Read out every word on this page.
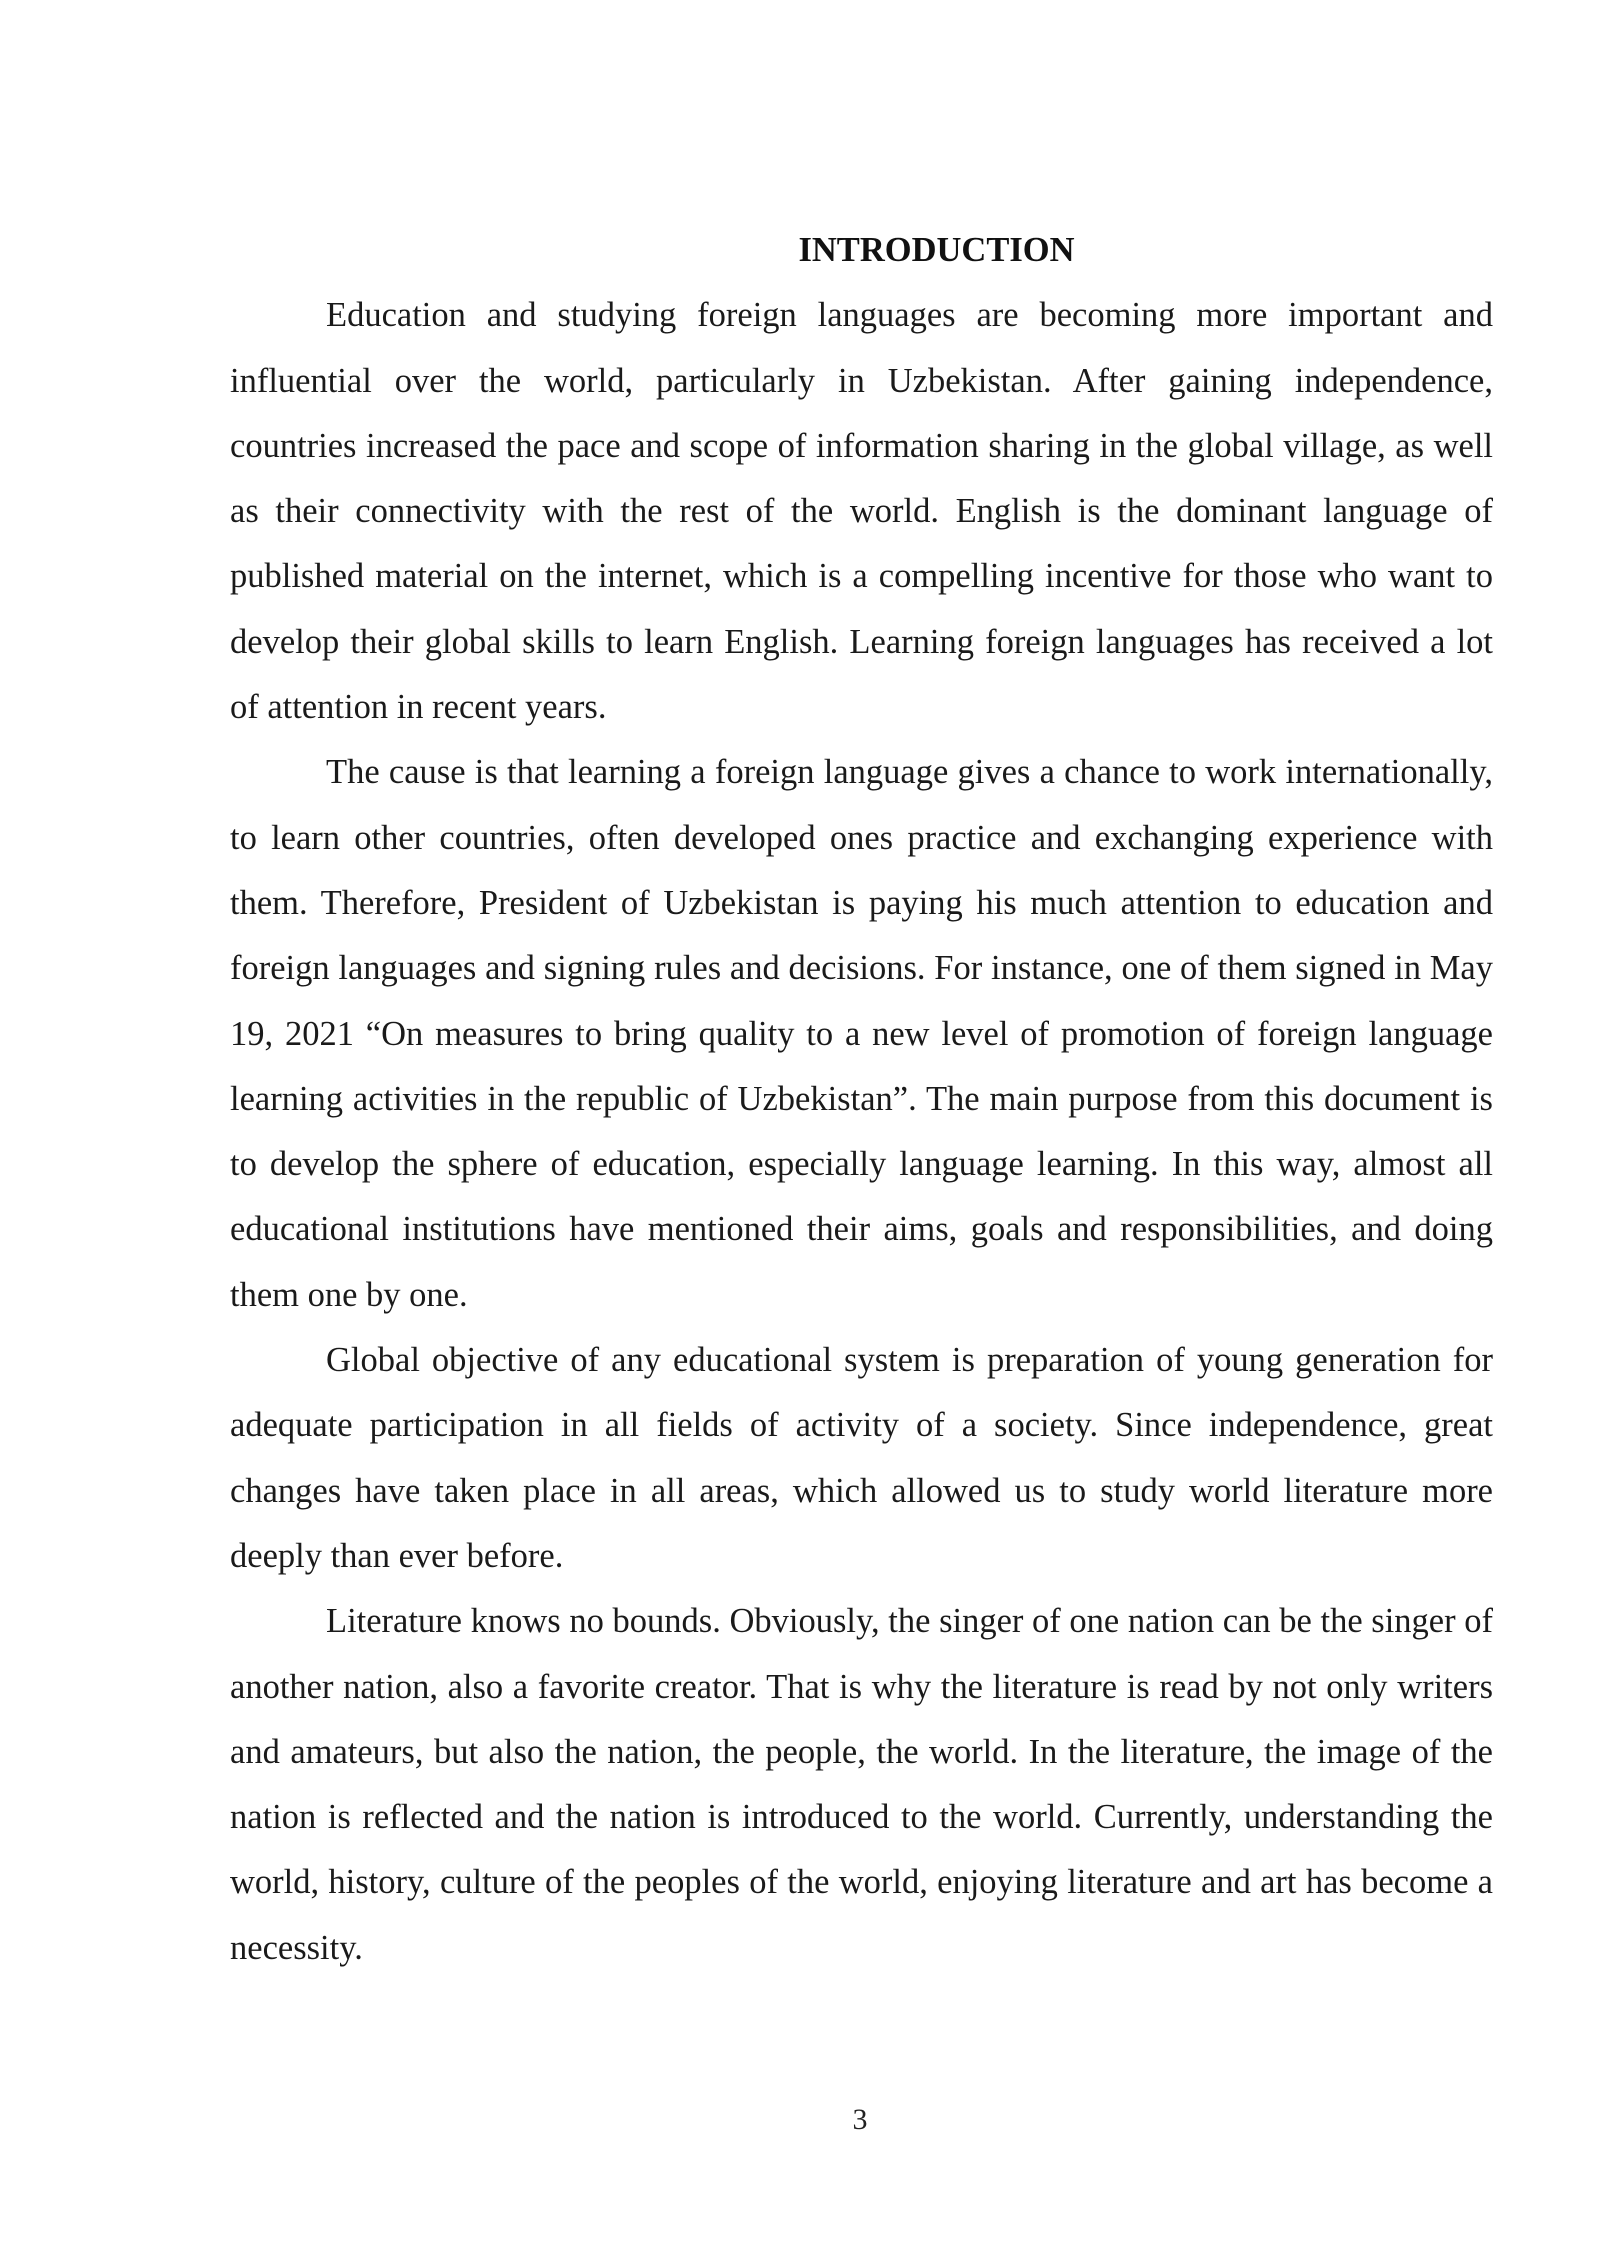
INTRODUCTION

Education and studying foreign languages are becoming more important and influential over the world, particularly in Uzbekistan. After gaining independence, countries increased the pace and scope of information sharing in the global village, as well as their connectivity with the rest of the world. English is the dominant language of published material on the internet, which is a compelling incentive for those who want to develop their global skills to learn English. Learning foreign languages has received a lot of attention in recent years.

The cause is that learning a foreign language gives a chance to work internationally, to learn other countries, often developed ones practice and exchanging experience with them. Therefore, President of Uzbekistan is paying his much attention to education and foreign languages and signing rules and decisions. For instance, one of them signed in May 19, 2021 “On measures to bring quality to a new level of promotion of foreign language learning activities in the republic of Uzbekistan”. The main purpose from this document is to develop the sphere of education, especially language learning. In this way, almost all educational institutions have mentioned their aims, goals and responsibilities, and doing them one by one.

Global objective of any educational system is preparation of young generation for adequate participation in all fields of activity of a society. Since independence, great changes have taken place in all areas, which allowed us to study world literature more deeply than ever before.

Literature knows no bounds. Obviously, the singer of one nation can be the singer of another nation, also a favorite creator. That is why the literature is read by not only writers and amateurs, but also the nation, the people, the world. In the literature, the image of the nation is reflected and the nation is introduced to the world. Currently, understanding the world, history, culture of the peoples of the world, enjoying literature and art has become a necessity.

3
